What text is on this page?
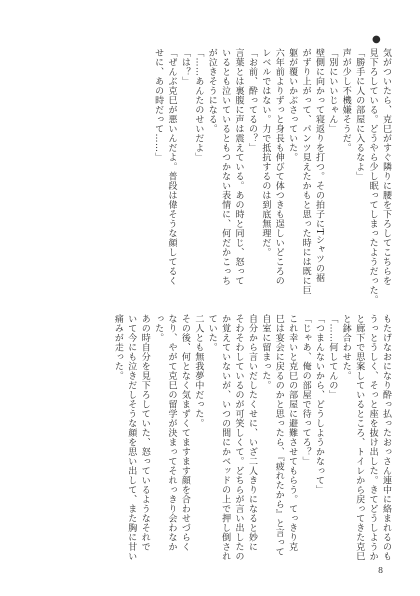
●
気がついたら、克巳がすぐ隣りに腰を下ろしてこちらを
見下ろしている。どうやら少し眠ってしまったようだった。
「勝手に人の部屋に入るなよ」
声が少し不機嫌そうだ。
「別にいいじゃん」
壁側に向かって寝返りを打つ。その拍子にTシャツの裾
がずり上がって、パンツ見えたかもと思った時には既に巨
躯が覆いかぶさっていた。
六年前よりずっと身長も伸びて体つきも逞しいどころの
レベルではない。力で抵抗するのは到底無理だ。
「お前、酔ってるの？」
言葉とは裏腹に声は震えている。あの時と同じ、怒って
いるとも泣いているともつかない表情に、何だかこっち
が泣きそうになる。
「……あんたのせいだよ」
「は？」
「ぜんぶ克巳が悪いんだよ。普段は偉そうな顔してるく
せに、あの時だって……」
もたげなおになり酔っ払ったおっさん連中に絡まれるのも
うっとうしく、そっと座を抜け出した。きてどうしようか
と廊下で思案しているところ、トイレから戻ってきた克巳
と鉢合わせた。
「……何してんの」
「つまんないから、どうしようかなって」
「じゃあ、俺の部屋で待ってろ？」
これ幸いと克巳の部屋に避難させてもらう。てっきり克
巳は宴会に戻るのかと思ったら、『疲れたから』と言って
自室に留まった。
自分から言いだしたくせに、いざ二人きりになると妙に
そわそわしているのが可笑しくて。どちらが言い出したの
か覚えていないが、いつの間にかベッドの上で押し倒され
ていた。
二人とも無我夢中だった。
その後、何となく気まずくてますます顔を合わせづらく
なり、やがて克巳の留学が決まってそれっきり会わなか
った。
あの時自分を見下ろしていた、怒っているようなそれで
いて今にも泣きだしそうな顔を思い出して、また胸に甘い
痛みが走った。
8
